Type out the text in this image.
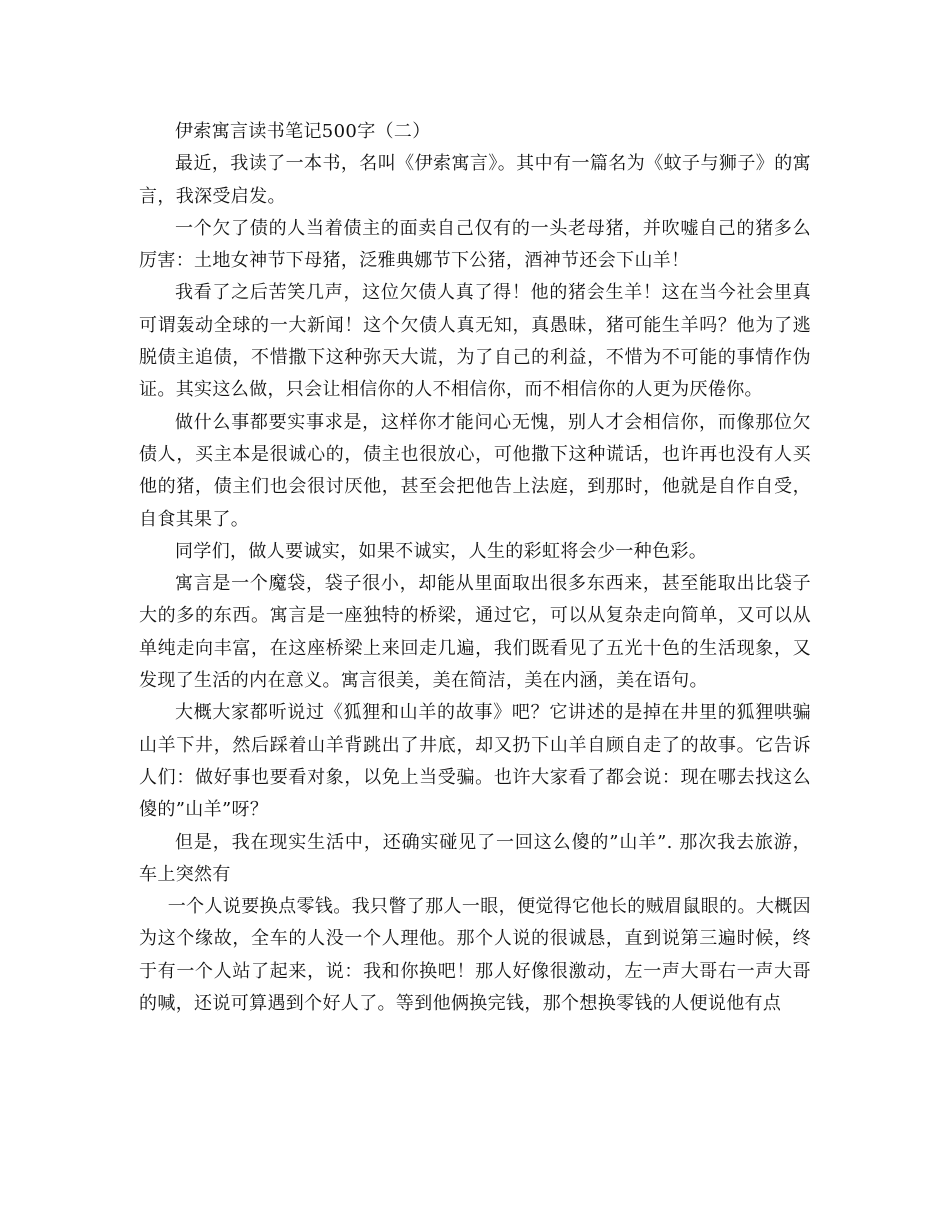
伊索寓言读书笔记500字（二）

最近，我读了一本书，名叫《伊索寓言》。其中有一篇名为《蚊子与狮子》的寓言，我深受启发。

一个欠了债的人当着债主的面卖自己仅有的一头老母猪，并吹嘘自己的猪多么厉害：土地女神节下母猪，泛雅典娜节下公猪，酒神节还会下山羊！

我看了之后苦笑几声，这位欠债人真了得！他的猪会生羊！这在当今社会里真可谓轰动全球的一大新闻！这个欠债人真无知，真愚昧，猪可能生羊吗？他为了逃脱债主追债，不惜撒下这种弥天大谎，为了自己的利益，不惜为不可能的事情作伪证。其实这么做，只会让相信你的人不相信你，而不相信你的人更为厌倦你。

做什么事都要实事求是，这样你才能问心无愧，别人才会相信你，而像那位欠债人，买主本是很诚心的，债主也很放心，可他撒下这种谎话，也许再也没有人买他的猪，债主们也会很讨厌他，甚至会把他告上法庭，到那时，他就是自作自受，自食其果了。

同学们，做人要诚实，如果不诚实，人生的彩虹将会少一种色彩。

寓言是一个魔袋，袋子很小，却能从里面取出很多东西来，甚至能取出比袋子大的多的东西。寓言是一座独特的桥梁，通过它，可以从复杂走向简单，又可以从单纯走向丰富，在这座桥梁上来回走几遍，我们既看见了五光十色的生活现象，又发现了生活的内在意义。寓言很美，美在简洁，美在内涵，美在语句。

大概大家都听说过《狐狸和山羊的故事》吧？它讲述的是掉在井里的狐狸哄骗山羊下井，然后踩着山羊背跳出了井底，却又扔下山羊自顾自走了的故事。它告诉人们：做好事也要看对象，以免上当受骗。也许大家看了都会说：现在哪去找这么傻的”山羊”呀？

但是，我在现实生活中，还确实碰见了一回这么傻的”山羊”. 那次我去旅游，车上突然有

一个人说要换点零钱。我只瞥了那人一眼，便觉得它他长的贼眉鼠眼的。大概因为这个缘故，全车的人没一个人理他。那个人说的很诚恳，直到说第三遍时候，终于有一个人站了起来，说：我和你换吧！那人好像很激动，左一声大哥右一声大哥的喊，还说可算遇到个好人了。等到他俩换完钱，那个想换零钱的人便说他有点
